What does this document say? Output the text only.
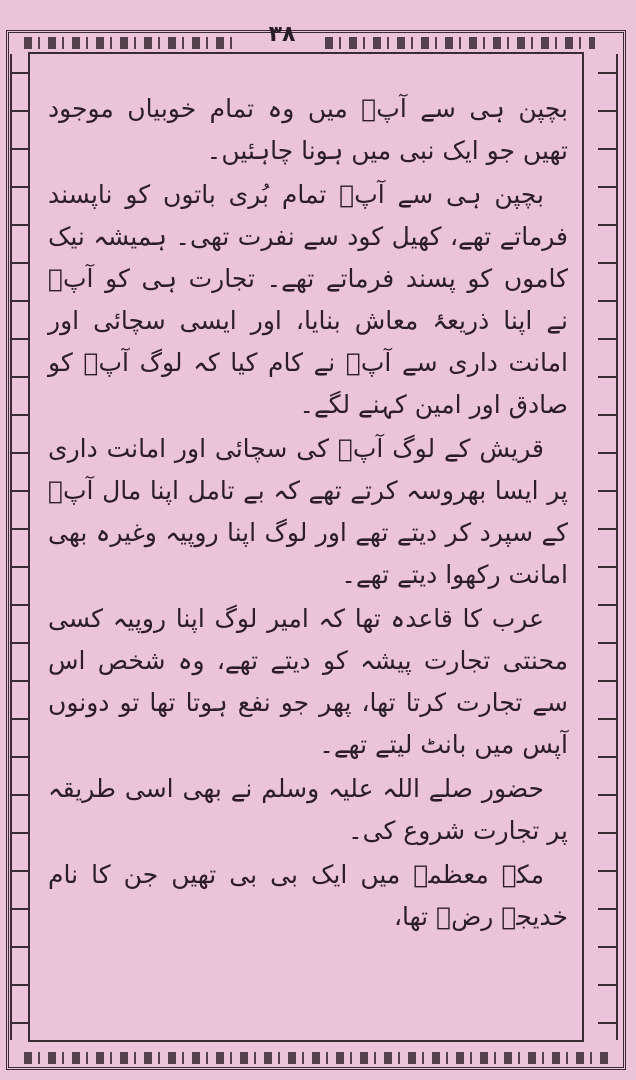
۳۸

بچپن ہی سے آپؐ میں وہ تمام خوبیاں موجود تھیں جو ایک نبی میں ہونا چاہئیں۔

بچپن ہی سے آپؐ تمام بُری باتوں کو ناپسند فرماتے تھے، کھیل کود سے نفرت تھی۔ ہمیشہ نیک کاموں کو پسند فرماتے تھے۔ تجارت ہی کو آپؐ نے اپنا ذریعۂ معاش بنایا، اور ایسی سچائی اور امانت داری سے آپؐ نے کام کیا کہ لوگ آپؐ کو صادق اور امین کہنے لگے۔

قریش کے لوگ آپؐ کی سچائی اور امانت داری پر ایسا بھروسہ کرتے تھے کہ بے تامل اپنا مال آپؐ کے سپرد کر دیتے تھے اور لوگ اپنا روپیہ وغیرہ بھی امانت رکھوا دیتے تھے۔

عرب کا قاعدہ تھا کہ امیر لوگ اپنا روپیہ کسی محنتی تجارت پیشہ کو دیتے تھے، وہ شخص اس سے تجارت کرتا تھا، پھر جو نفع ہوتا تھا تو دونوں آپس میں بانٹ لیتے تھے۔

حضور صلے اللہ علیہ وسلم نے بھی اسی طریقہ پر تجارت شروع کی۔

مکۂ معظمہ میں ایک بی بی تھیں جن کا نام خدیجہ رضؓ تھا،
